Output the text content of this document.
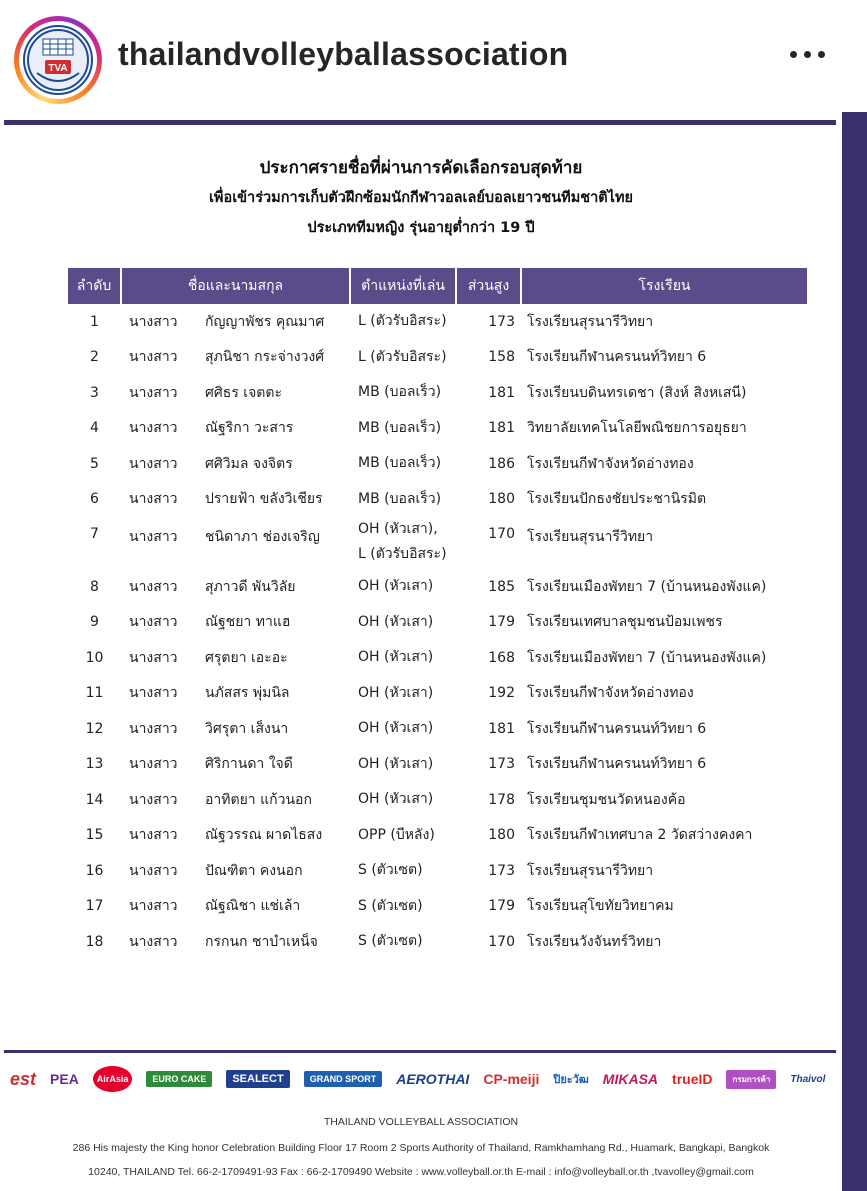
TVA thailandvolleyballassociation
ประกาศรายชื่อที่ผ่านการคัดเลือกรอบสุดท้าย
เพื่อเข้าร่วมการเก็บตัวฝึกซ้อมนักกีฬาวอลเลย์บอลเยาวชนทีมชาติไทย
ประเภททีมหญิง รุ่นอายุต่ำกว่า 19 ปี
ลำดับ	ชื่อและนามสกุล	ตำแหน่งที่เล่น	ส่วนสูง	โรงเรียน
1	นางสาว กัญญาพัชร คุณมาศ	L (ตัวรับอิสระ)	173	โรงเรียนสุรนารีวิทยา
2	นางสาว สุภนิชา กระจ่างวงศ์	L (ตัวรับอิสระ)	158	โรงเรียนกีฬานครนนท์วิทยา 6
3	นางสาว ศศิธร เจตตะ	MB (บอลเร็ว)	181	โรงเรียนบดินทรเดชา (สิงห์ สิงหเสนี)
4	นางสาว ณัฐริกา วะสาร	MB (บอลเร็ว)	181	วิทยาลัยเทคโนโลยีพณิชยการอยุธยา
5	นางสาว ศศิวิมล จงจิตร	MB (บอลเร็ว)	186	โรงเรียนกีฬาจังหวัดอ่างทอง
6	นางสาว ปรายฟ้า ขลังวิเชียร	MB (บอลเร็ว)	180	โรงเรียนปักธงชัยประชานิรมิต
7	นางสาว ชนิดาภา ช่องเจริญ	OH (หัวเสา),
L (ตัวรับอิสระ)	170	โรงเรียนสุรนารีวิทยา
8	นางสาว สุภาวดี พันวิลัย	OH (หัวเสา)	185	โรงเรียนเมืองพัทยา 7 (บ้านหนองพังแค)
9	นางสาว ณัฐชยา ทาแฮ	OH (หัวเสา)	179	โรงเรียนเทศบาลชุมชนป้อมเพชร
10	นางสาว ศรุตยา เอะอะ	OH (หัวเสา)	168	โรงเรียนเมืองพัทยา 7 (บ้านหนองพังแค)
11	นางสาว นภัสสร พุ่มนิล	OH (หัวเสา)	192	โรงเรียนกีฬาจังหวัดอ่างทอง
12	นางสาว วิศรุตา เส็งนา	OH (หัวเสา)	181	โรงเรียนกีฬานครนนท์วิทยา 6
13	นางสาว ศิริกานดา ใจดี	OH (หัวเสา)	173	โรงเรียนกีฬานครนนท์วิทยา 6
14	นางสาว อาทิตยา แก้วนอก	OH (หัวเสา)	178	โรงเรียนชุมชนวัดหนองค้อ
15	นางสาว ณัฐวรรณ ผาดไธสง	OPP (บีหลัง)	180	โรงเรียนกีฬาเทศบาล 2 วัดสว่างคงคา
16	นางสาว ปัณฑิตา คงนอก	S (ตัวเซต)	173	โรงเรียนสุรนารีวิทยา
17	นางสาว ณัฐณิชา แช่เล้า	S (ตัวเซต)	179	โรงเรียนสุโขทัยวิทยาคม
18	นางสาว กรกนก ชาบำเหน็จ	S (ตัวเซต)	170	โรงเรียนวังจันทร์วิทยา
est PEA	AirAsia	EURO CAKE	SEALECT	GRAND SPORT	AEROTHAI CP-meiji ปิยะวัฒ MIKASA trueID	กรมการค้า	Thaivol
THAILAND VOLLEYBALL ASSOCIATION
286 His majesty the King honor Celebration Building Floor 17 Room 2 Sports Authority of Thailand, Ramkhamhang Rd., Huamark, Bangkapi, Bangkok
10240, THAILAND Tel. 66-2-1709491-93 Fax : 66-2-1709490 Website : www.volleyball.or.th E-mail : info@volleyball.or.th ,tvavolley@gmail.com
